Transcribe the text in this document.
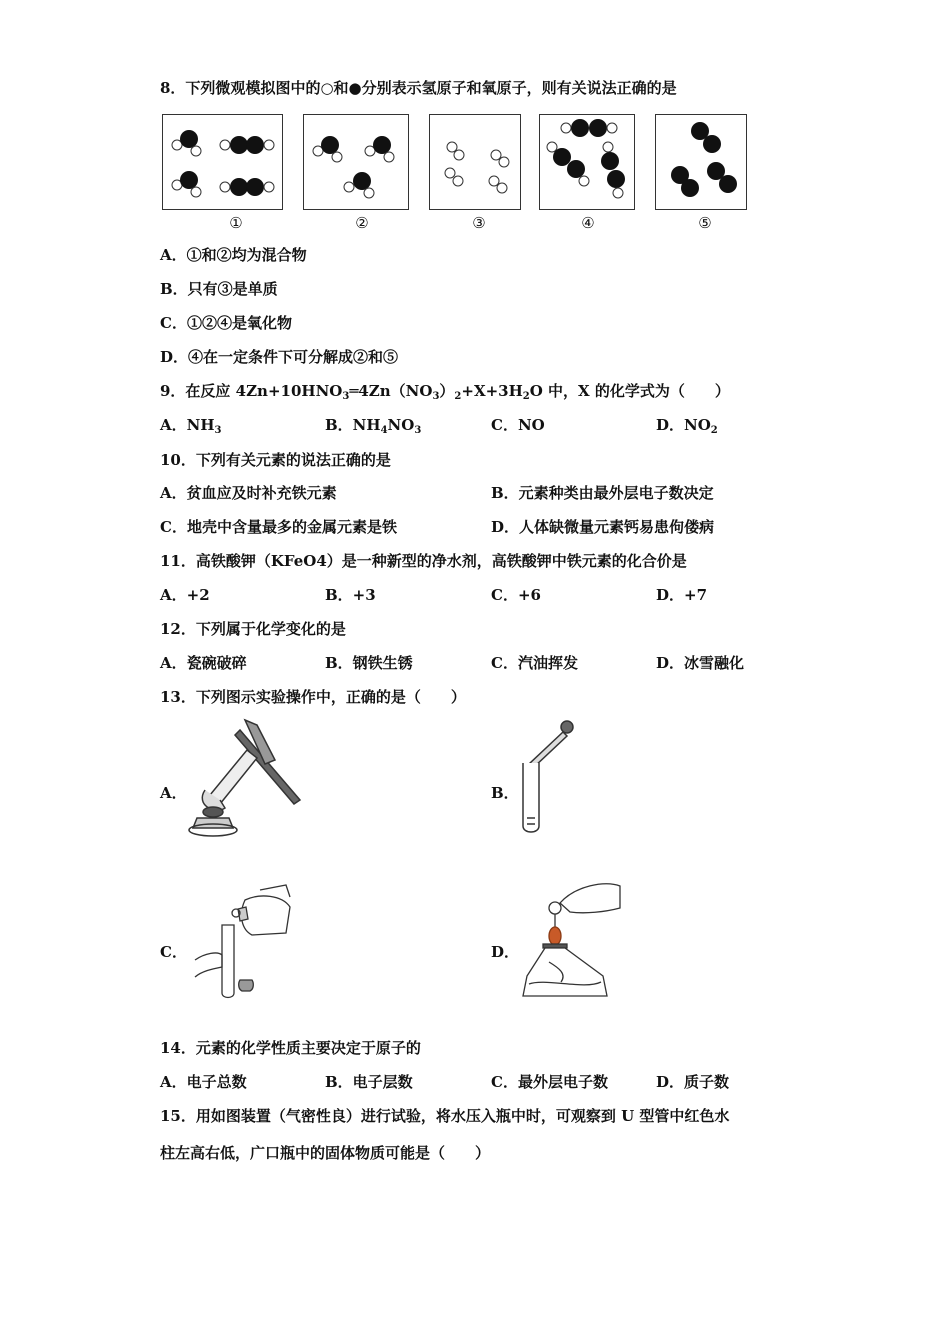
8．下列微观模拟图中的○和●分别表示氢原子和氧原子，则有关说法正确的是
①	②	③	④	⑤
A．①和②均为混合物
B．只有③是单质
C．①②④是氧化物
D．④在一定条件下可分解成②和⑤
9．在反应 $4Zn+10HNO_3═4Zn(NO_3)_2+X+3H_2O$ 中，X 的化学式为（　　）
A．$NH_3$	B．$NH_4NO_3$	C．NO	D．$NO_2$
10．下列有关元素的说法正确的是
A．贫血应及时补充铁元素	B．元素种类由最外层电子数决定
C．地壳中含量最多的金属元素是铁	D．人体缺微量元素钙易患佝偻病
11．高铁酸钾（KFeO4）是一种新型的净水剂，高铁酸钾中铁元素的化合价是
A．+2	B．+3	C．+6	D．+7
12．下列属于化学变化的是
A．瓷碗破碎	B．钢铁生锈	C．汽油挥发	D．冰雪融化
13．下列图示实验操作中，正确的是（　　）
A．	B．
C．	D．
14．元素的化学性质主要决定于原子的
A．电子总数	B．电子层数	C．最外层电子数	D．质子数
15．用如图装置（气密性良）进行试验，将水压入瓶中时，可观察到 U 型管中红色水
柱左高右低，广口瓶中的固体物质可能是（　　）
